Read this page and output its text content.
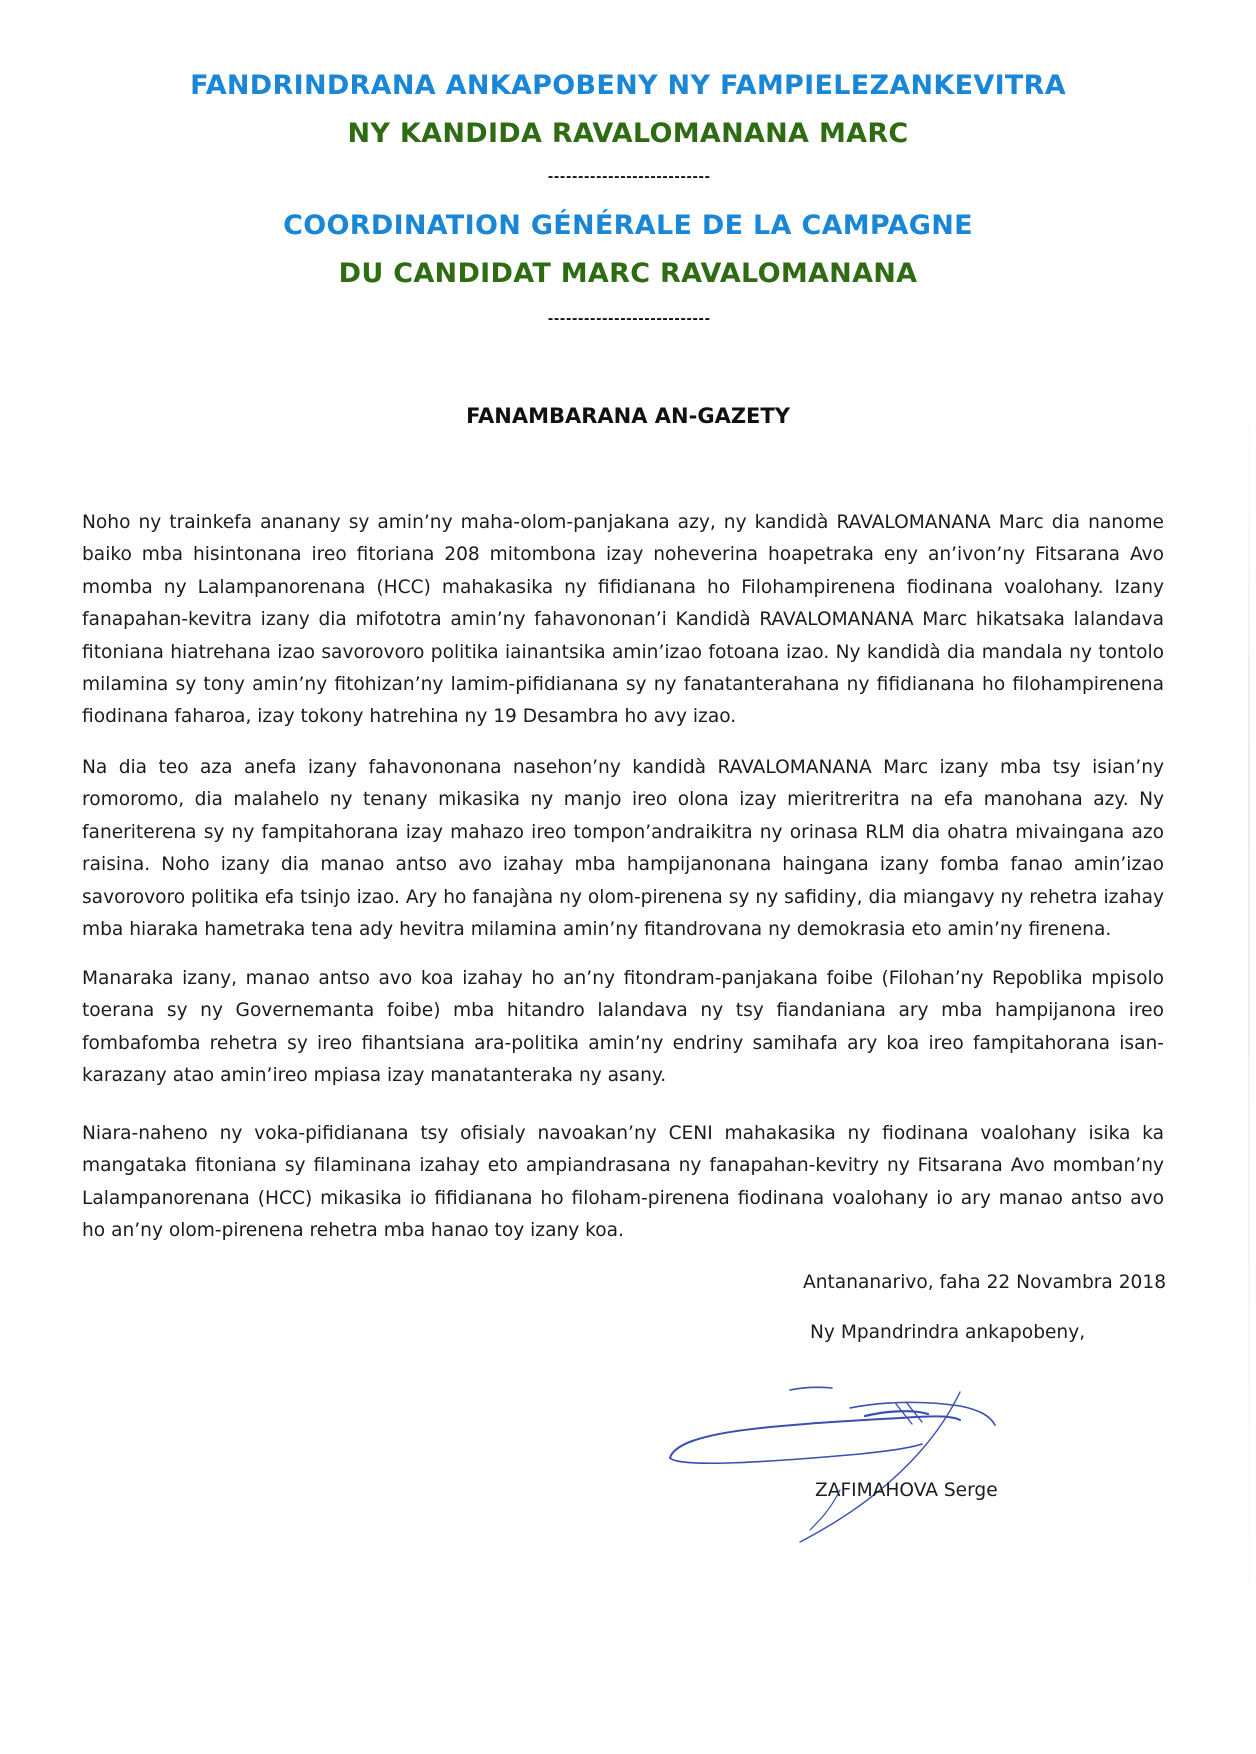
FANDRINDRANA ANKAPOBENY NY FAMPIELEZANKEVITRA
NY KANDIDA RAVALOMANANA MARC
---------------------------
COORDINATION GÉNÉRALE DE LA CAMPAGNE
DU CANDIDAT MARC RAVALOMANANA
---------------------------
FANAMBARANA AN-GAZETY

Noho ny trainkefa ananany sy amin’ny maha-olom-panjakana azy, ny kandidà RAVALOMANANA Marc dia nanome baiko mba hisintonana ireo fitoriana 208 mitombona izay noheverina hoapetraka eny an’ivon’ny Fitsarana Avo momba ny Lalampanorenana (HCC) mahakasika ny fifidianana ho Filohampirenena fiodinana voalohany. Izany fanapahan-kevitra izany dia mifototra amin’ny fahavononan’i Kandidà RAVALOMANANA Marc hikatsaka lalandava fitoniana hiatrehana izao savorovoro politika iainantsika amin’izao fotoana izao. Ny kandidà dia mandala ny tontolo milamina sy tony amin’ny fitohizan’ny lamim-pifidianana sy ny fanatanterahana ny fifidianana ho filohampirenena fiodinana faharoa, izay tokony hatrehina ny 19 Desambra ho avy izao.

Na dia teo aza anefa izany fahavononana nasehon’ny kandidà RAVALOMANANA Marc izany mba tsy isian’ny romoromo, dia malahelo ny tenany mikasika ny manjo ireo olona izay mieritreritra na efa manohana azy. Ny faneriterena sy ny fampitahorana izay mahazo ireo tompon’andraikitra ny orinasa RLM dia ohatra mivaingana azo raisina. Noho izany dia manao antso avo izahay mba hampijanonana haingana izany fomba fanao amin’izao savorovoro politika efa tsinjo izao. Ary ho fanajàna ny olom-pirenena sy ny safidiny, dia miangavy ny rehetra izahay mba hiaraka hametraka tena ady hevitra milamina amin’ny fitandrovana ny demokrasia eto amin’ny firenena.

Manaraka izany, manao antso avo koa izahay ho an’ny fitondram-panjakana foibe (Filohan’ny Repoblika mpisolo toerana sy ny Governemanta foibe) mba hitandro lalandava ny tsy fiandaniana ary mba hampijanona ireo fombafomba rehetra sy ireo fihantsiana ara-politika amin’ny endriny samihafa ary koa ireo fampitahorana isan-karazany atao amin’ireo mpiasa izay manatanteraka ny asany.

Niara-naheno ny voka-pifidianana tsy ofisialy navoakan’ny CENI mahakasika ny fiodinana voalohany isika ka mangataka fitoniana sy filaminana izahay eto ampiandrasana ny fanapahan-kevitry ny Fitsarana Avo momban’ny Lalampanorenana (HCC) mikasika io fifidianana ho filoham-pirenena fiodinana voalohany io ary manao antso avo ho an’ny olom-pirenena rehetra mba hanao toy izany koa.

Antananarivo, faha 22 Novambra 2018
Ny Mpandrindra ankapobeny,
ZAFIMAHOVA Serge
